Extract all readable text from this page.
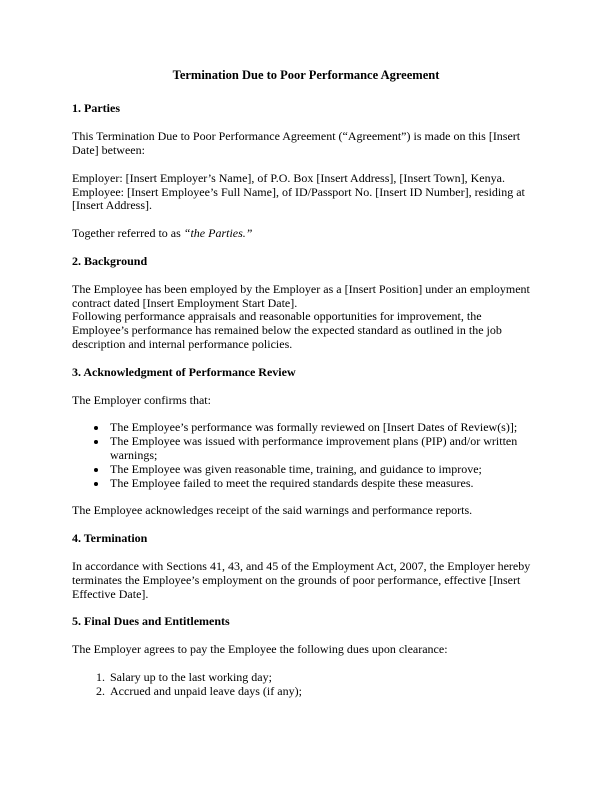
Termination Due to Poor Performance Agreement
1. Parties

This Termination Due to Poor Performance Agreement (“Agreement”) is made on this [Insert Date] between:

Employer: [Insert Employer’s Name], of P.O. Box [Insert Address], [Insert Town], Kenya.
Employee: [Insert Employee’s Full Name], of ID/Passport No. [Insert ID Number], residing at [Insert Address].

Together referred to as “the Parties.”

2. Background

The Employee has been employed by the Employer as a [Insert Position] under an employment contract dated [Insert Employment Start Date].
Following performance appraisals and reasonable opportunities for improvement, the Employee’s performance has remained below the expected standard as outlined in the job description and internal performance policies.

3. Acknowledgment of Performance Review

The Employer confirms that:

• The Employee’s performance was formally reviewed on [Insert Dates of Review(s)];
• The Employee was issued with performance improvement plans (PIP) and/or written warnings;
• The Employee was given reasonable time, training, and guidance to improve;
• The Employee failed to meet the required standards despite these measures.

The Employee acknowledges receipt of the said warnings and performance reports.

4. Termination

In accordance with Sections 41, 43, and 45 of the Employment Act, 2007, the Employer hereby terminates the Employee’s employment on the grounds of poor performance, effective [Insert Effective Date].

5. Final Dues and Entitlements

The Employer agrees to pay the Employee the following dues upon clearance:

1. Salary up to the last working day;
2. Accrued and unpaid leave days (if any);
